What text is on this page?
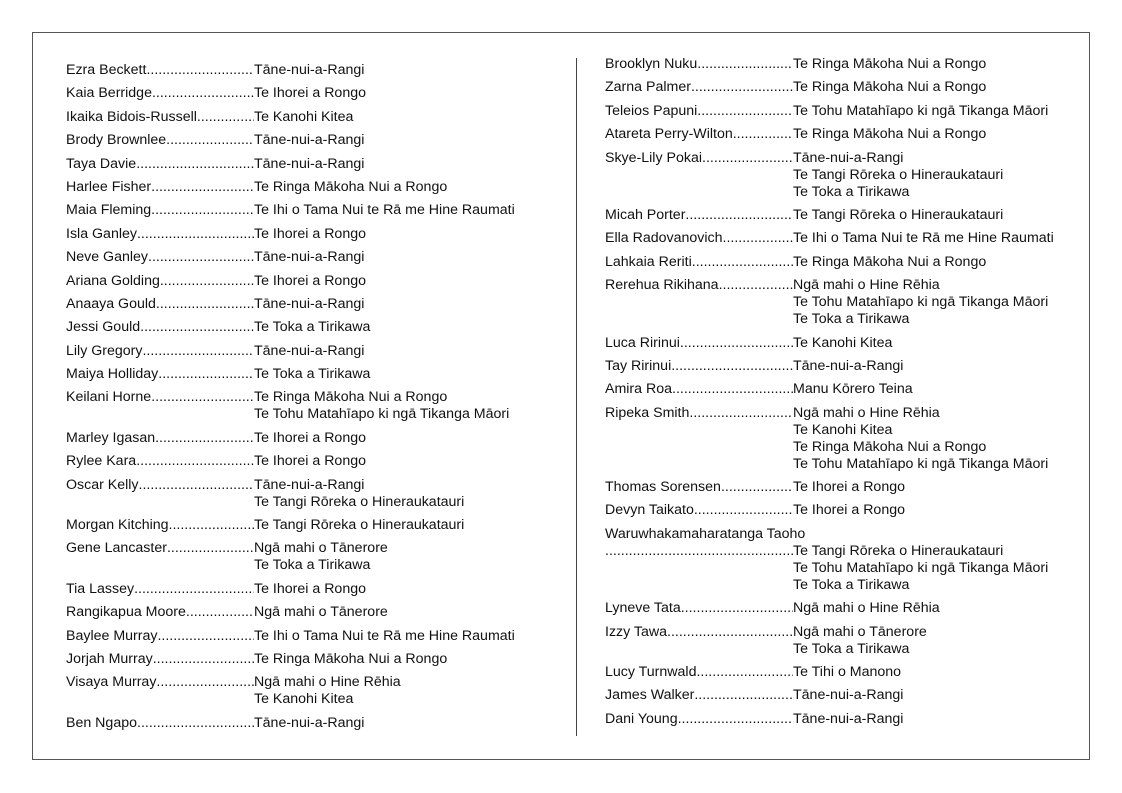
Ezra Beckett .....	Tāne-nui-a-Rangi
Kaia Berridge .....	Te Ihorei a Rongo
Ikaika Bidois-Russell .....	Te Kanohi Kitea
Brody Brownlee .....	Tāne-nui-a-Rangi
Taya Davie .....	Tāne-nui-a-Rangi
Harlee Fisher .....	Te Ringa Mākoha Nui a Rongo
Maia Fleming .....	Te Ihi o Tama Nui te Rā me Hine Raumati
Isla Ganley .....	Te Ihorei a Rongo
Neve Ganley .....	Tāne-nui-a-Rangi
Ariana Golding .....	Te Ihorei a Rongo
Anaaya Gould .....	Tāne-nui-a-Rangi
Jessi Gould .....	Te Toka a Tirikawa
Lily Gregory .....	Tāne-nui-a-Rangi
Maiya Holliday .....	Te Toka a Tirikawa
Keilani Horne .....	Te Ringa Mākoha Nui a Rongo
Te Tohu Matahīapo ki ngā Tikanga Māori
Marley Igasan .....	Te Ihorei a Rongo
Rylee Kara .....	Te Ihorei a Rongo
Oscar Kelly .....	Tāne-nui-a-Rangi
Te Tangi Rōreka o Hineraukatauri
Morgan Kitching .....	Te Tangi Rōreka o Hineraukatauri
Gene Lancaster .....	Ngā mahi o Tānerore
Te Toka a Tirikawa
Tia Lassey .....	Te Ihorei a Rongo
Rangikapua Moore .....	Ngā mahi o Tānerore
Baylee Murray .....	Te Ihi o Tama Nui te Rā me Hine Raumati
Jorjah Murray .....	Te Ringa Mākoha Nui a Rongo
Visaya Murray .....	Ngā mahi o Hine Rēhia
Te Kanohi Kitea
Ben Ngapo .....	Tāne-nui-a-Rangi
Brooklyn Nuku .....	Te Ringa Mākoha Nui a Rongo
Zarna Palmer .....	Te Ringa Mākoha Nui a Rongo
Teleios Papuni .....	Te Tohu Matahīapo ki ngā Tikanga Māori
Atareta Perry-Wilton .....	Te Ringa Mākoha Nui a Rongo
Skye-Lily Pokai .....	Tāne-nui-a-Rangi
Te Tangi Rōreka o Hineraukatauri
Te Toka a Tirikawa
Micah Porter .....	Te Tangi Rōreka o Hineraukatauri
Ella Radovanovich .....	Te Ihi o Tama Nui te Rā me Hine Raumati
Lahkaia Reriti .....	Te Ringa Mākoha Nui a Rongo
Rerehua Rikihana .....	Ngā mahi o Hine Rēhia
Te Tohu Matahīapo ki ngā Tikanga Māori
Te Toka a Tirikawa
Luca Ririnui .....	Te Kanohi Kitea
Tay Ririnui .....	Tāne-nui-a-Rangi
Amira Roa .....	Manu Kōrero Teina
Ripeka Smith .....	Ngā mahi o Hine Rēhia
Te Kanohi Kitea
Te Ringa Mākoha Nui a Rongo
Te Tohu Matahīapo ki ngā Tikanga Māori
Thomas Sorensen .....	Te Ihorei a Rongo
Devyn Taikato .....	Te Ihorei a Rongo
Waruwhakamaharatanga Taoho
.....
Te Tangi Rōreka o Hineraukatauri
Te Tohu Matahīapo ki ngā Tikanga Māori
Te Toka a Tirikawa
Lyneve Tata .....	Ngā mahi o Hine Rēhia
Izzy Tawa .....	Ngā mahi o Tānerore
Te Toka a Tirikawa
Lucy Turnwald .....	Te Tihi o Manono
James Walker .....	Tāne-nui-a-Rangi
Dani Young .....	Tāne-nui-a-Rangi
